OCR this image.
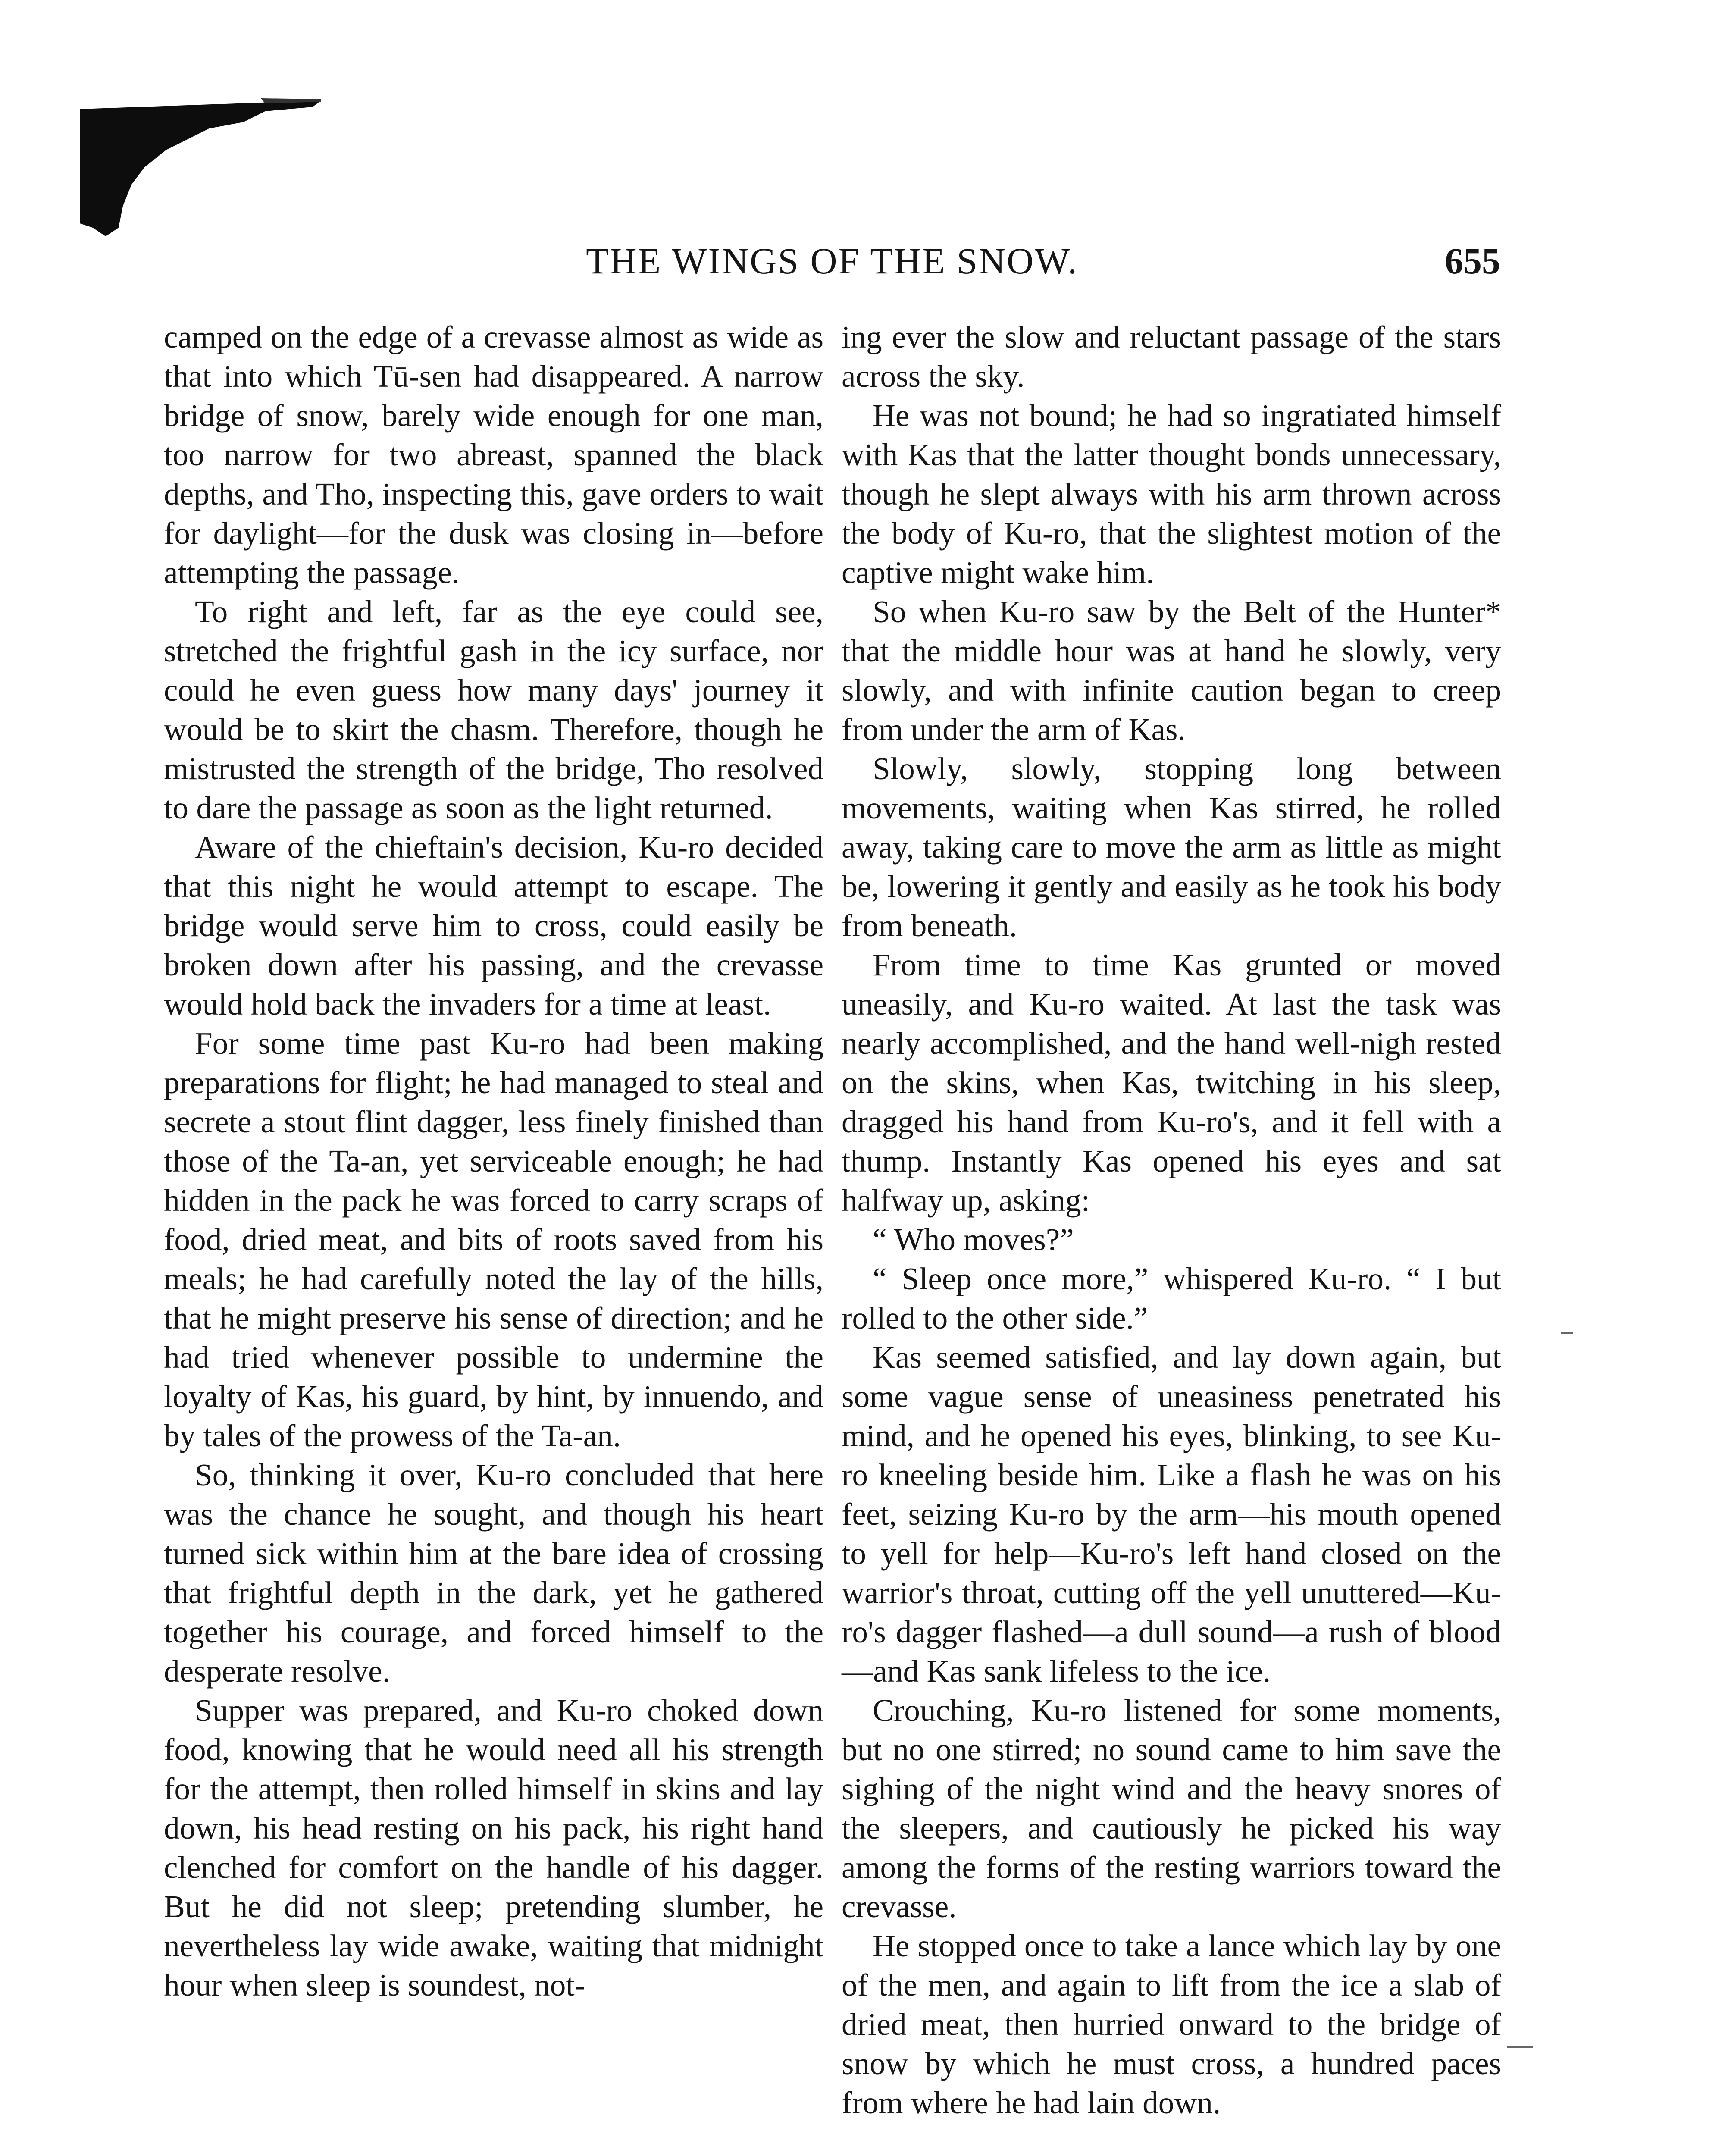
THE WINGS OF THE SNOW.	655

camped on the edge of a crevasse almost as wide as that into which Tū-sen had disappeared. A narrow bridge of snow, barely wide enough for one man, too narrow for two abreast, spanned the black depths, and Tho, inspecting this, gave orders to wait for daylight—for the dusk was closing in—before attempting the passage.

To right and left, far as the eye could see, stretched the frightful gash in the icy surface, nor could he even guess how many days' journey it would be to skirt the chasm. Therefore, though he mistrusted the strength of the bridge, Tho resolved to dare the passage as soon as the light returned.

Aware of the chieftain's decision, Ku-ro decided that this night he would attempt to escape. The bridge would serve him to cross, could easily be broken down after his passing, and the crevasse would hold back the invaders for a time at least.

For some time past Ku-ro had been making preparations for flight; he had managed to steal and secrete a stout flint dagger, less finely finished than those of the Ta-an, yet serviceable enough; he had hidden in the pack he was forced to carry scraps of food, dried meat, and bits of roots saved from his meals; he had carefully noted the lay of the hills, that he might preserve his sense of direction; and he had tried whenever possible to undermine the loyalty of Kas, his guard, by hint, by innuendo, and by tales of the prowess of the Ta-an.

So, thinking it over, Ku-ro concluded that here was the chance he sought, and though his heart turned sick within him at the bare idea of crossing that frightful depth in the dark, yet he gathered together his courage, and forced himself to the desperate resolve.

Supper was prepared, and Ku-ro choked down food, knowing that he would need all his strength for the attempt, then rolled himself in skins and lay down, his head resting on his pack, his right hand clenched for comfort on the handle of his dagger. But he did not sleep; pretending slumber, he nevertheless lay wide awake, waiting that midnight hour when sleep is soundest, not-

ing ever the slow and reluctant passage of the stars across the sky.

He was not bound; he had so ingratiated himself with Kas that the latter thought bonds unnecessary, though he slept always with his arm thrown across the body of Ku-ro, that the slightest motion of the captive might wake him.

So when Ku-ro saw by the Belt of the Hunter* that the middle hour was at hand he slowly, very slowly, and with infinite caution began to creep from under the arm of Kas.

Slowly, slowly, stopping long between movements, waiting when Kas stirred, he rolled away, taking care to move the arm as little as might be, lowering it gently and easily as he took his body from beneath.

From time to time Kas grunted or moved uneasily, and Ku-ro waited. At last the task was nearly accomplished, and the hand well-nigh rested on the skins, when Kas, twitching in his sleep, dragged his hand from Ku-ro's, and it fell with a thump. Instantly Kas opened his eyes and sat halfway up, asking:

“ Who moves?”

“ Sleep once more,” whispered Ku-ro. “ I but rolled to the other side.”

Kas seemed satisfied, and lay down again, but some vague sense of uneasiness penetrated his mind, and he opened his eyes, blinking, to see Ku-ro kneeling beside him. Like a flash he was on his feet, seizing Ku-ro by the arm—his mouth opened to yell for help—Ku-ro's left hand closed on the warrior's throat, cutting off the yell unuttered—Ku-ro's dagger flashed—a dull sound—a rush of blood—and Kas sank lifeless to the ice.

Crouching, Ku-ro listened for some moments, but no one stirred; no sound came to him save the sighing of the night wind and the heavy snores of the sleepers, and cautiously he picked his way among the forms of the resting warriors toward the crevasse.

He stopped once to take a lance which lay by one of the men, and again to lift from the ice a slab of dried meat, then hurried onward to the bridge of snow by which he must cross, a hundred paces from where he had lain down.
